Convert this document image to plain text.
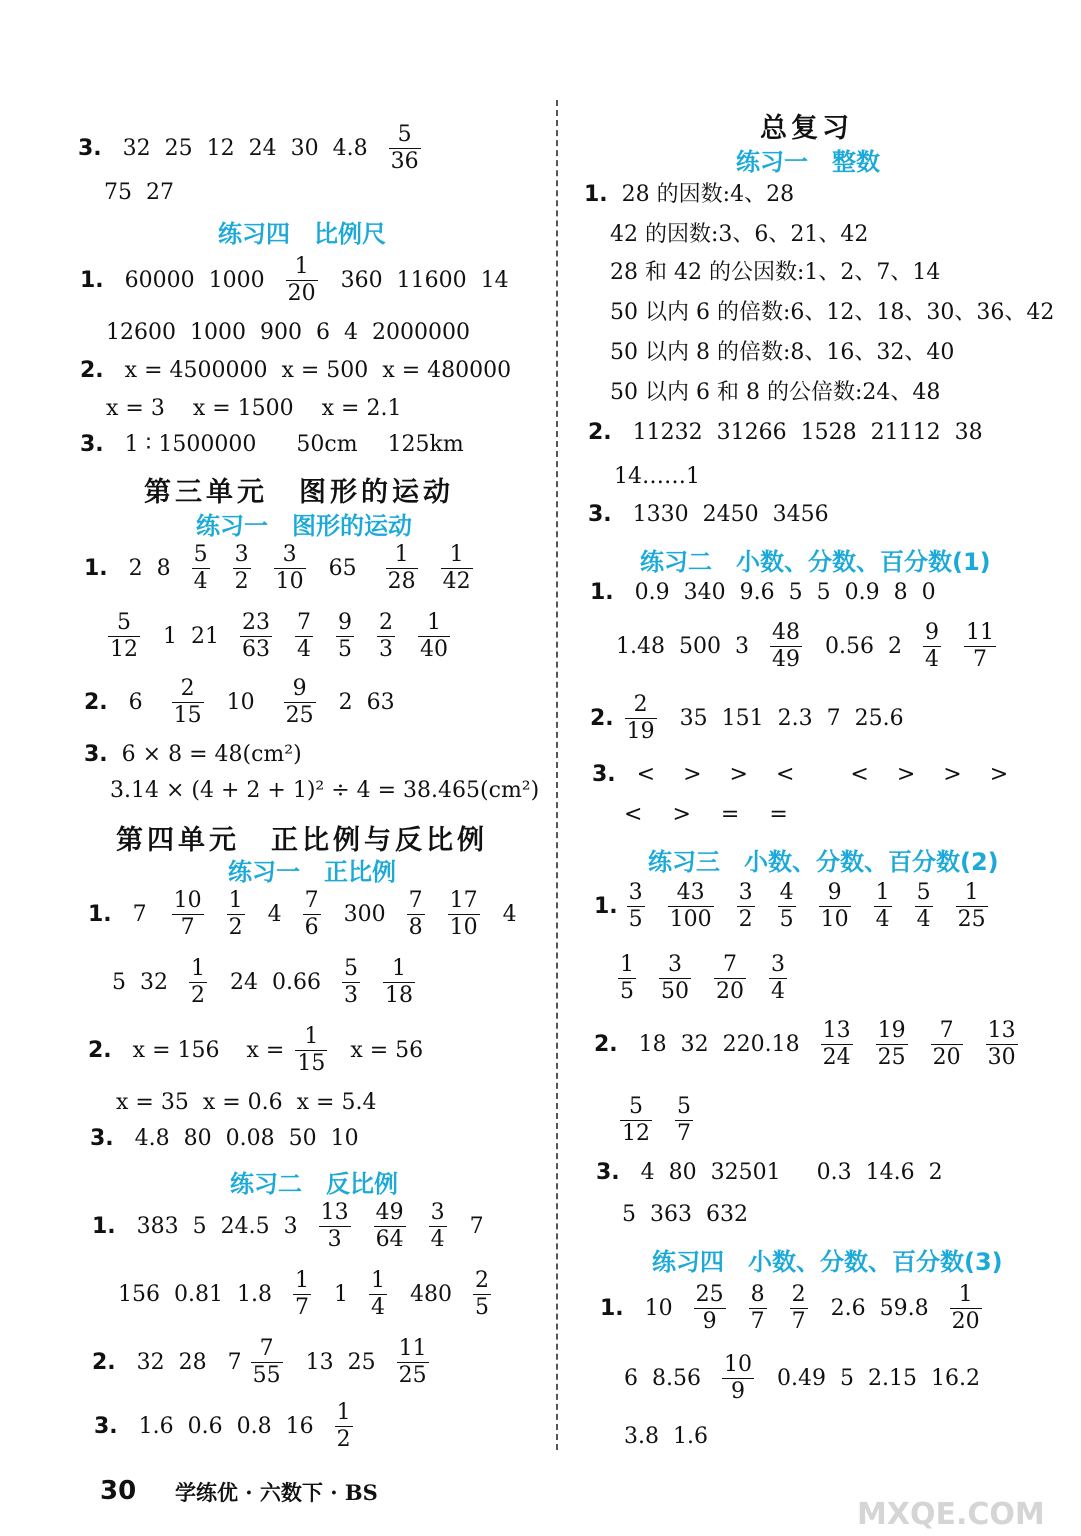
3. 32 25 12 24 30 $4.8 \frac{5}{36}$
75 27
练习四　比例尺
1. 60000 $1000 \frac{1}{20} 360$ 11600 14
12600 1000 900 6 4 2000000
2. x = 4500000 x = 500 x = 480000
x = 3 x = 1500 x = 2.1
3. 1 ∶ 1500000 50cm 125km
第三单元　图形的运动
练习一　图形的运动
1. 2 $8 \frac{5}{4}$
$\frac{3}{2}$
$\frac{3}{10} 65 \frac{1}{28}$
$\frac{1}{42}$
$\frac{5}{12} 1$ $21 \frac{23}{63}$
$\frac{7}{4}$
$\frac{9}{5}$
$\frac{2}{3}$
$\frac{1}{40}$
2. $6 \frac{2}{15} 10 \frac{9}{25} 2$ 63
3. 6 × 8 = 48(cm²)
3.14 × (4 + 2 + 1)² ÷ 4 = 38.465(cm²)
第四单元　正比例与反比例
练习一　正比例
1. $7 \frac{10}{7}$
$\frac{1}{2} 4 \frac{7}{6} 300 \frac{7}{8}$
$\frac{17}{10} 4$
5 $32 \frac{1}{2} 24$ $0.66 \frac{5}{3}$
$\frac{1}{18}$
2. x = 156 $x = \frac{1}{15}$ x = 56
x = 35 x = 0.6 x = 5.4
3. 4.8 80 0.08 50 10
练习二　反比例
1. 383 5 24.5 $3 \frac{13}{3}$
$\frac{49}{64}$
$\frac{3}{4} 7$
156 0.81 $1.8 \frac{1}{7} 1 \frac{1}{4} 480 \frac{2}{5}$
2. 32 28 $7 \frac{7}{55} 13$ $25 \frac{11}{25}$
3. 1.6 0.6 0.8 $16 \frac{1}{2}$
总复习
练习一　整数
1. 28 的因数:4、28
42 的因数:3、6、21、42
28 和 42 的公因数:1、2、7、14
50 以内 6 的倍数:6、12、18、30、36、42
50 以内 8 的倍数:8、16、32、40
50 以内 6 和 8 的公倍数:24、48
2. 11232 31266 1528 21112 38
14……1
3. 1330 2450 3456
练习二　小数、分数、百分数(1)
1. 0.9 340 9.6 5 5 0.9 8 0
1.48 500 $3 \frac{48}{49} 0.56$ $2 \frac{9}{4}$
$\frac{11}{7}$
2. $\frac{2}{19} 35$ 151 2.3 7 25.6
3. < > > <	< > > >
< > = =
练习三　小数、分数、百分数(2)
1. $\frac{3}{5}$
$\frac{43}{100}$
$\frac{3}{2}$
$\frac{4}{5}$
$\frac{9}{10}$
$\frac{1}{4}$
$\frac{5}{4}$
$\frac{1}{25}$
$\frac{1}{5}$
$\frac{3}{50}$
$\frac{7}{20}$
$\frac{3}{4}$
2. 18 32 $220.18 \frac{13}{24}$
$\frac{19}{25}$
$\frac{7}{20}$
$\frac{13}{30}$
$\frac{5}{12}$
$\frac{5}{7}$
3. 4 80 32501 0.3 14.6 2
5 363 632
练习四　小数、分数、百分数(3)
1. $10 \frac{25}{9}$
$\frac{8}{7}$
$\frac{2}{7} 2.6$ $59.8 \frac{1}{20}$
6 $8.56 \frac{10}{9} 0.49$ 5 2.15 16.2
3.8 1.6
30 学练优 · 六数下 · BS
MXQE.COM
